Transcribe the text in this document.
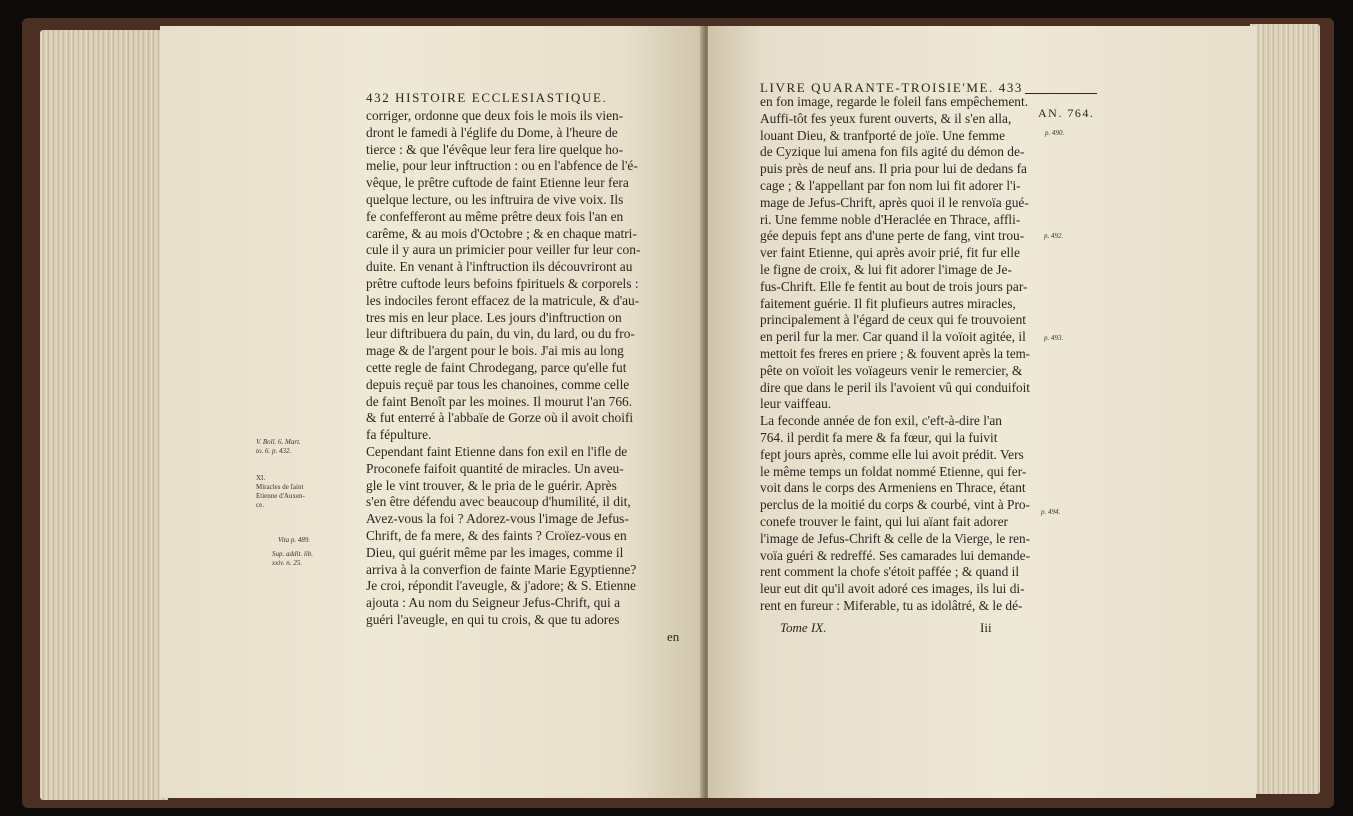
432 HISTOIRE ECCLESIASTIQUE.
corriger, ordonne que deux fois le mois ils vien-
dront le famedi à l'églife du Dome, à l'heure de
tierce : & que l'évêque leur fera lire quelque ho-
melie, pour leur inftruction : ou en l'abfence de l'é-
vêque, le prêtre cuftode de faint Etienne leur fera
quelque lecture, ou les inftruira de vive voix. Ils
fe confefferont au même prêtre deux fois l'an en
carême, & au mois d'Octobre ; & en chaque matri-
cule il y aura un primicier pour veiller fur leur con-
duite. En venant à l'inftruction ils découvriront au
prêtre cuftode leurs befoins fpirituels & corporels :
les indociles feront effacez de la matricule, & d'au-
tres mis en leur place. Les jours d'inftruction on
leur diftribuera du pain, du vin, du lard, ou du fro-
mage & de l'argent pour le bois. J'ai mis au long
cette regle de faint Chrodegang, parce qu'elle fut
depuis reçuë par tous les chanoines, comme celle
de faint Benoît par les moines. Il mourut l'an 766.
& fut enterré à l'abbaïe de Gorze où il avoit choifi
fa fépulture.
Cependant faint Etienne dans fon exil en l'ifle de
Proconefe faifoit quantité de miracles. Un aveu-
gle le vint trouver, & le pria de le guérir. Après
s'en être défendu avec beaucoup d'humilité, il dit,
Avez-vous la foi ? Adorez-vous l'image de Jefus-
Chrift, de fa mere, & des faints ? Croïez-vous en
Dieu, qui guérit même par les images, comme il
arriva à la converfion de fainte Marie Egyptienne?
Je croi, répondit l'aveugle, & j'adore; & S. Etienne
ajouta : Au nom du Seigneur Jefus-Chrift, qui a
guéri l'aveugle, en qui tu crois, & que tu adores
en
V. Boll. 6. Mart.
to. 6. p. 432.
XI.
Miracles de faint
Etienne d'Auxen-
ce.
Vita p. 489.
Sup. addit. lib.
xxiv. n. 25.
LIVRE QUARANTE-TROISIE'ME. 433
AN. 764.
en fon image, regarde le foleil fans empêchement.
Auffi-tôt fes yeux furent ouverts, & il s'en alla,
louant Dieu, & tranfporté de joïe. Une femme
de Cyzique lui amena fon fils agité du démon de-
puis près de neuf ans. Il pria pour lui de dedans fa
cage ; & l'appellant par fon nom lui fit adorer l'i-
mage de Jefus-Chrift, après quoi il le renvoïa gué-
ri. Une femme noble d'Heraclée en Thrace, affli-
gée depuis fept ans d'une perte de fang, vint trou-
ver faint Etienne, qui après avoir prié, fit fur elle
le figne de croix, & lui fit adorer l'image de Je-
fus-Chrift. Elle fe fentit au bout de trois jours par-
faitement guérie. Il fit plufieurs autres miracles,
principalement à l'égard de ceux qui fe trouvoient
en peril fur la mer. Car quand il la voïoit agitée, il
mettoit fes freres en priere ; & fouvent après la tem-
pête on voïoit les voïageurs venir le remercier, &
dire que dans le peril ils l'avoient vû qui conduifoit
leur vaiffeau.
La feconde année de fon exil, c'eft-à-dire l'an
764. il perdit fa mere & fa fœur, qui la fuivit
fept jours après, comme elle lui avoit prédit. Vers
le même temps un foldat nommé Etienne, qui fer-
voit dans le corps des Armeniens en Thrace, étant
perclus de la moitié du corps & courbé, vint à Pro-
conefe trouver le faint, qui lui aïant fait adorer
l'image de Jefus-Chrift & celle de la Vierge, le ren-
voïa guéri & redreffé. Ses camarades lui demande-
rent comment la chofe s'étoit paffée ; & quand il
leur eut dit qu'il avoit adoré ces images, ils lui di-
rent en fureur : Miferable, tu as idolâtré, & le dé-
Tome IX.	Iii
p. 490.
p. 492.
p. 493.
p. 494.
